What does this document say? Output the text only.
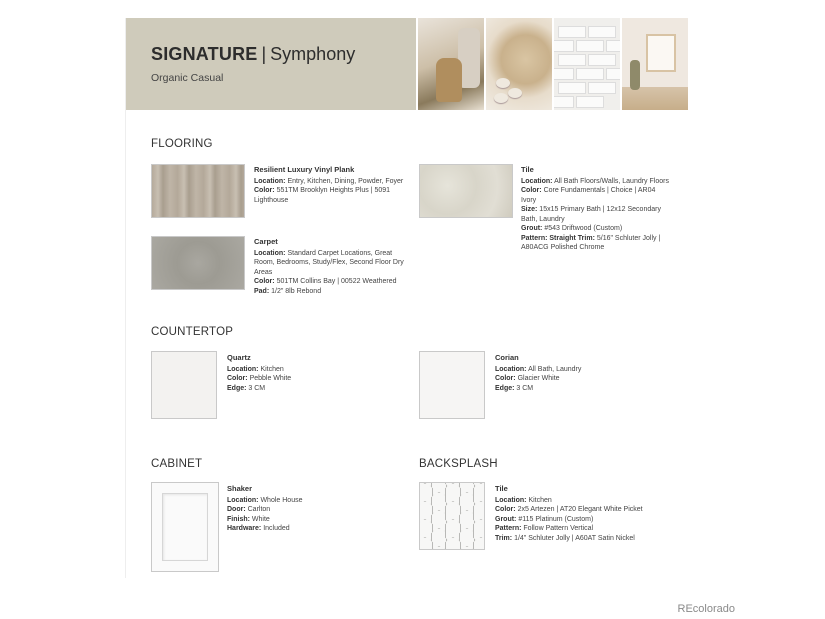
SIGNATURE | Symphony
Organic Casual
FLOORING
Resilient Luxury Vinyl Plank
Location: Entry, Kitchen, Dining, Powder, Foyer
Color: 551TM Brooklyn Heights Plus | 5091 Lighthouse
Carpet
Location: Standard Carpet Locations, Great Room, Bedrooms, Study/Flex, Second Floor Dry Areas
Color: 501TM Collins Bay | 00522 Weathered
Pad: 1/2" 8lb Rebond
Tile
Location: All Bath Floors/Walls, Laundry Floors
Color: Core Fundamentals | Choice | AR04 Ivory
Size: 15x15 Primary Bath | 12x12 Secondary Bath, Laundry
Grout: #543 Driftwood (Custom)
Pattern: Straight Trim: 5/16" Schluter Jolly | A80ACG Polished Chrome
COUNTERTOP
Quartz
Location: Kitchen
Color: Pebble White
Edge: 3 CM
Corian
Location: All Bath, Laundry
Color: Glacier White
Edge: 3 CM
CABINET
Shaker
Location: Whole House
Door: Carlton
Finish: White
Hardware: Included
BACKSPLASH
Tile
Location: Kitchen
Color: 2x5 Artezen | AT20 Elegant White Picket
Grout: #115 Platinum (Custom)
Pattern: Follow Pattern Vertical
Trim: 1/4" Schluter Jolly | A60AT Satin Nickel
REcolorado
